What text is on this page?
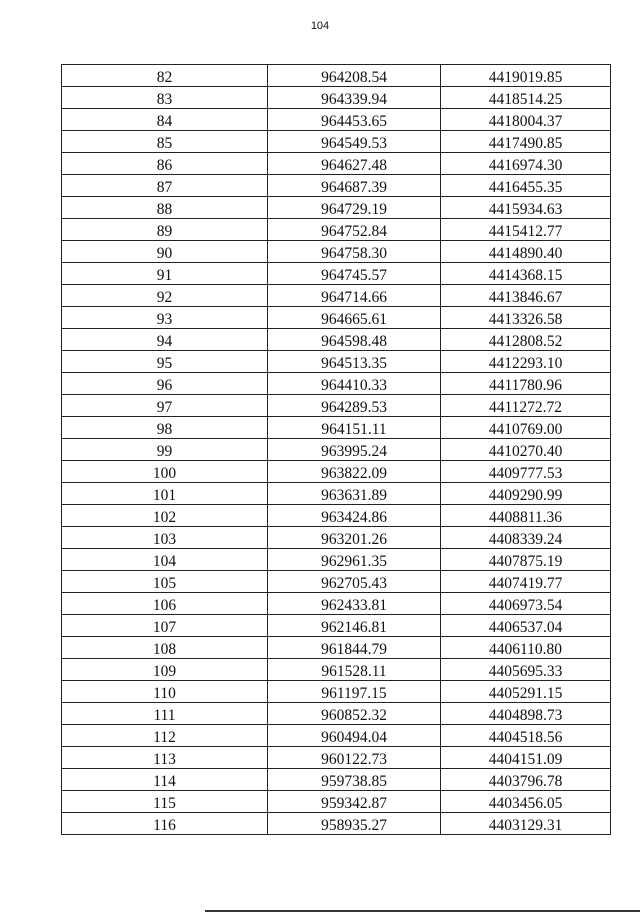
104
82	964208.54	4419019.85
83	964339.94	4418514.25
84	964453.65	4418004.37
85	964549.53	4417490.85
86	964627.48	4416974.30
87	964687.39	4416455.35
88	964729.19	4415934.63
89	964752.84	4415412.77
90	964758.30	4414890.40
91	964745.57	4414368.15
92	964714.66	4413846.67
93	964665.61	4413326.58
94	964598.48	4412808.52
95	964513.35	4412293.10
96	964410.33	4411780.96
97	964289.53	4411272.72
98	964151.11	4410769.00
99	963995.24	4410270.40
100	963822.09	4409777.53
101	963631.89	4409290.99
102	963424.86	4408811.36
103	963201.26	4408339.24
104	962961.35	4407875.19
105	962705.43	4407419.77
106	962433.81	4406973.54
107	962146.81	4406537.04
108	961844.79	4406110.80
109	961528.11	4405695.33
110	961197.15	4405291.15
111	960852.32	4404898.73
112	960494.04	4404518.56
113	960122.73	4404151.09
114	959738.85	4403796.78
115	959342.87	4403456.05
116	958935.27	4403129.31
